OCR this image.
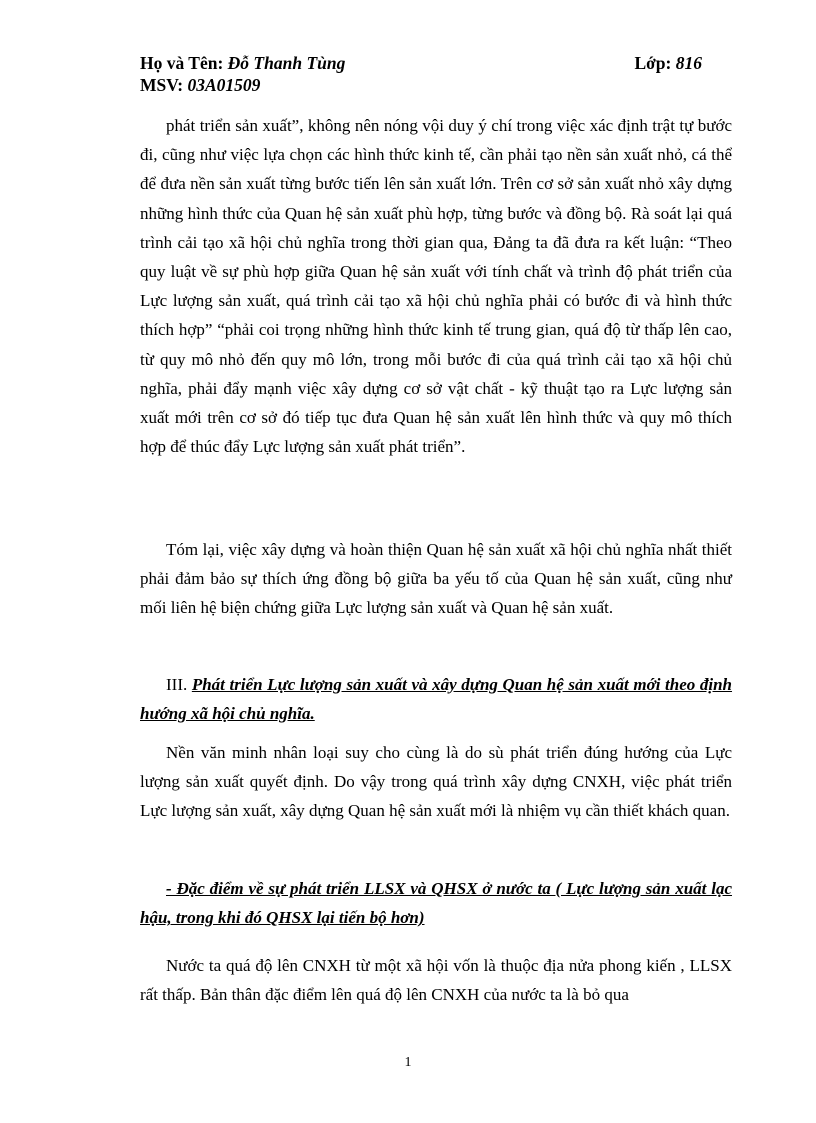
Họ và Tên: Đỗ Thanh Tùng	Lớp: 816
MSV: 03A01509

phát triển sản xuất”, không nên nóng vội duy ý chí trong việc xác định trật tự bước đi, cũng như việc lựa chọn các hình thức kinh tế, cần phải tạo nền sản xuất nhỏ, cá thể để đưa nền sản xuất từng bước tiến lên sản xuất lớn. Trên cơ sở sản xuất nhỏ xây dựng những hình thức của Quan hệ sản xuất phù hợp, từng bước và đồng bộ. Rà soát lại quá trình cải tạo xã hội chủ nghĩa trong thời gian qua, Đảng ta đã đưa ra kết luận: “Theo quy luật về sự phù hợp giữa Quan hệ sản xuất với tính chất và trình độ phát triển của Lực lượng sản xuất, quá trình cải tạo xã hội chủ nghĩa phải có bước đi và hình thức thích hợp” “phải coi trọng những hình thức kinh tế trung gian, quá độ từ thấp lên cao, từ quy mô nhỏ đến quy mô lớn, trong mỗi bước đi của quá trình cải tạo xã hội chủ nghĩa, phải đẩy mạnh việc xây dựng cơ sở vật chất - kỹ thuật tạo ra Lực lượng sản xuất mới trên cơ sở đó tiếp tục đưa Quan hệ sản xuất lên hình thức và quy mô thích hợp để thúc đẩy Lực lượng sản xuất phát triển”.

Tóm lại, việc xây dựng và hoàn thiện Quan hệ sản xuất xã hội chủ nghĩa nhất thiết phải đảm bảo sự thích ứng đồng bộ giữa ba yếu tố của Quan hệ sản xuất, cũng như mối liên hệ biện chứng giữa Lực lượng sản xuất và Quan hệ sản xuất.

III. Phát triển Lực lượng sản xuất và xây dựng Quan hệ sản xuất mới theo định hướng xã hội chủ nghĩa.

Nền văn minh nhân loại suy cho cùng là do sù phát triển đúng hướng của Lực lượng sản xuất quyết định. Do vậy trong quá trình xây dựng CNXH, việc phát triển Lực lượng sản xuất, xây dựng Quan hệ sản xuất mới là nhiệm vụ cần thiết khách quan.

- Đặc điểm về sự phát triển LLSX và QHSX ở nước ta ( Lực lượng sản xuất lạc hậu, trong khi đó QHSX lại tiến bộ hơn)

Nước ta quá độ lên CNXH từ một xã hội vốn là thuộc địa nửa phong kiến , LLSX rất thấp. Bản thân đặc điểm lên quá độ lên CNXH của nước ta là bỏ qua

1
